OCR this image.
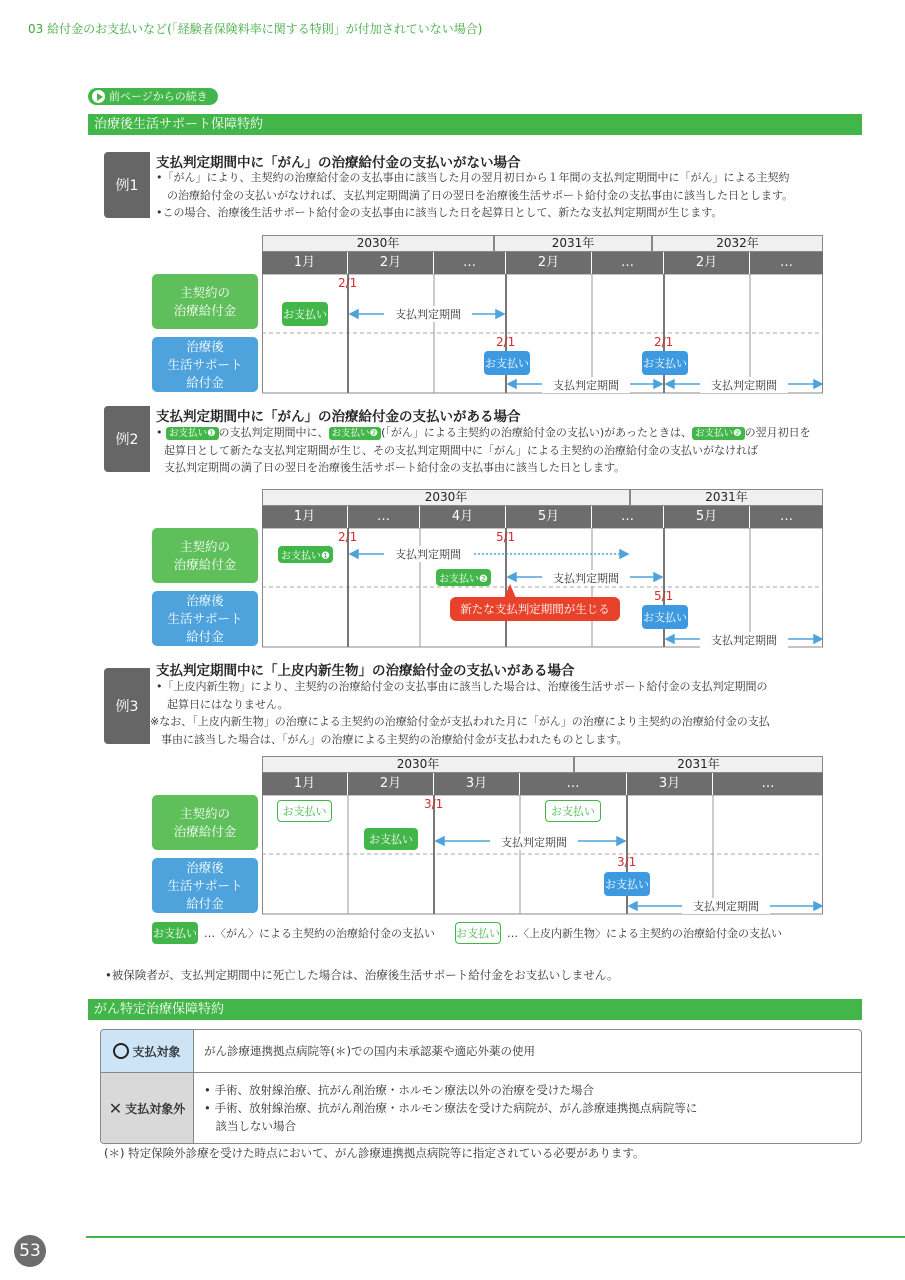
03 給付金のお支払いなど(「経験者保険料率に関する特則」が付加されていない場合)
前ページからの続き
治療後生活サポート保障特約
例1
支払判定期間中に「がん」の治療給付金の支払いがない場合
•「がん」により、主契約の治療給付金の支払事由に該当した月の翌月初日から１年間の支払判定期間中に「がん」による主契約
　の治療給付金の支払いがなければ、支払判定期間満了日の翌日を治療後生活サポート給付金の支払事由に該当した日とします。
•この場合、治療後生活サポート給付金の支払事由に該当した日を起算日として、新たな支払判定期間が生じます。
2030年	2031年	2032年
1月	2月	…	2月	…	2月	…
主契約の
治療給付金
治療後
生活サポート
給付金
2/1
2/1	2/1
お支払い
お支払い	お支払い
支払判定期間
支払判定期間	支払判定期間
例2
支払判定期間中に「がん」の治療給付金の支払いがある場合
• お支払い❶ の支払判定期間中に、 お支払い❷ (「がん」による主契約の治療給付金の支払い)があったときは、 お支払い❷ の翌月初日を
起算日として新たな支払判定期間が生じ、その支払判定期間中に「がん」による主契約の治療給付金の支払いがなければ
支払判定期間の満了日の翌日を治療後生活サポート給付金の支払事由に該当した日とします。
2030年	2031年
1月	…	4月	5月	…	5月	…
主契約の
治療給付金
治療後
生活サポート
給付金
2/1	5/1
5/1
お支払い❶
お支払い❷
お支払い
支払判定期間
支払判定期間
支払判定期間
新たな支払判定期間が生じる
例3
支払判定期間中に「上皮内新生物」の治療給付金の支払いがある場合
•「上皮内新生物」により、主契約の治療給付金の支払事由に該当した場合は、治療後生活サポート給付金の支払判定期間の
　起算日にはなりません。
※なお、「上皮内新生物」の治療による主契約の治療給付金が支払われた月に「がん」の治療により主契約の治療給付金の支払
　事由に該当した場合は、「がん」の治療による主契約の治療給付金が支払われたものとします。
2030年	2031年
1月	2月	3月	…	3月	…
主契約の
治療給付金
治療後
生活サポート
給付金
3/1
3/1
お支払い	お支払い
お支払い
お支払い
支払判定期間
支払判定期間
お支払い …〈がん〉による主契約の治療給付金の支払い お支払い …〈上皮内新生物〉による主契約の治療給付金の支払い
•被保険者が、支払判定期間中に死亡した場合は、治療後生活サポート給付金をお支払いしません。
がん特定治療保障特約
支払対象	がん診療連携拠点病院等(＊)での国内未承認薬や適応外薬の使用
✕ 支払対象外
• 手術、放射線治療、抗がん剤治療・ホルモン療法以外の治療を受けた場合
• 手術、放射線治療、抗がん剤治療・ホルモン療法を受けた病院が、がん診療連携拠点病院等に
　該当しない場合
(＊) 特定保険外診療を受けた時点において、がん診療連携拠点病院等に指定されている必要があります。
53
